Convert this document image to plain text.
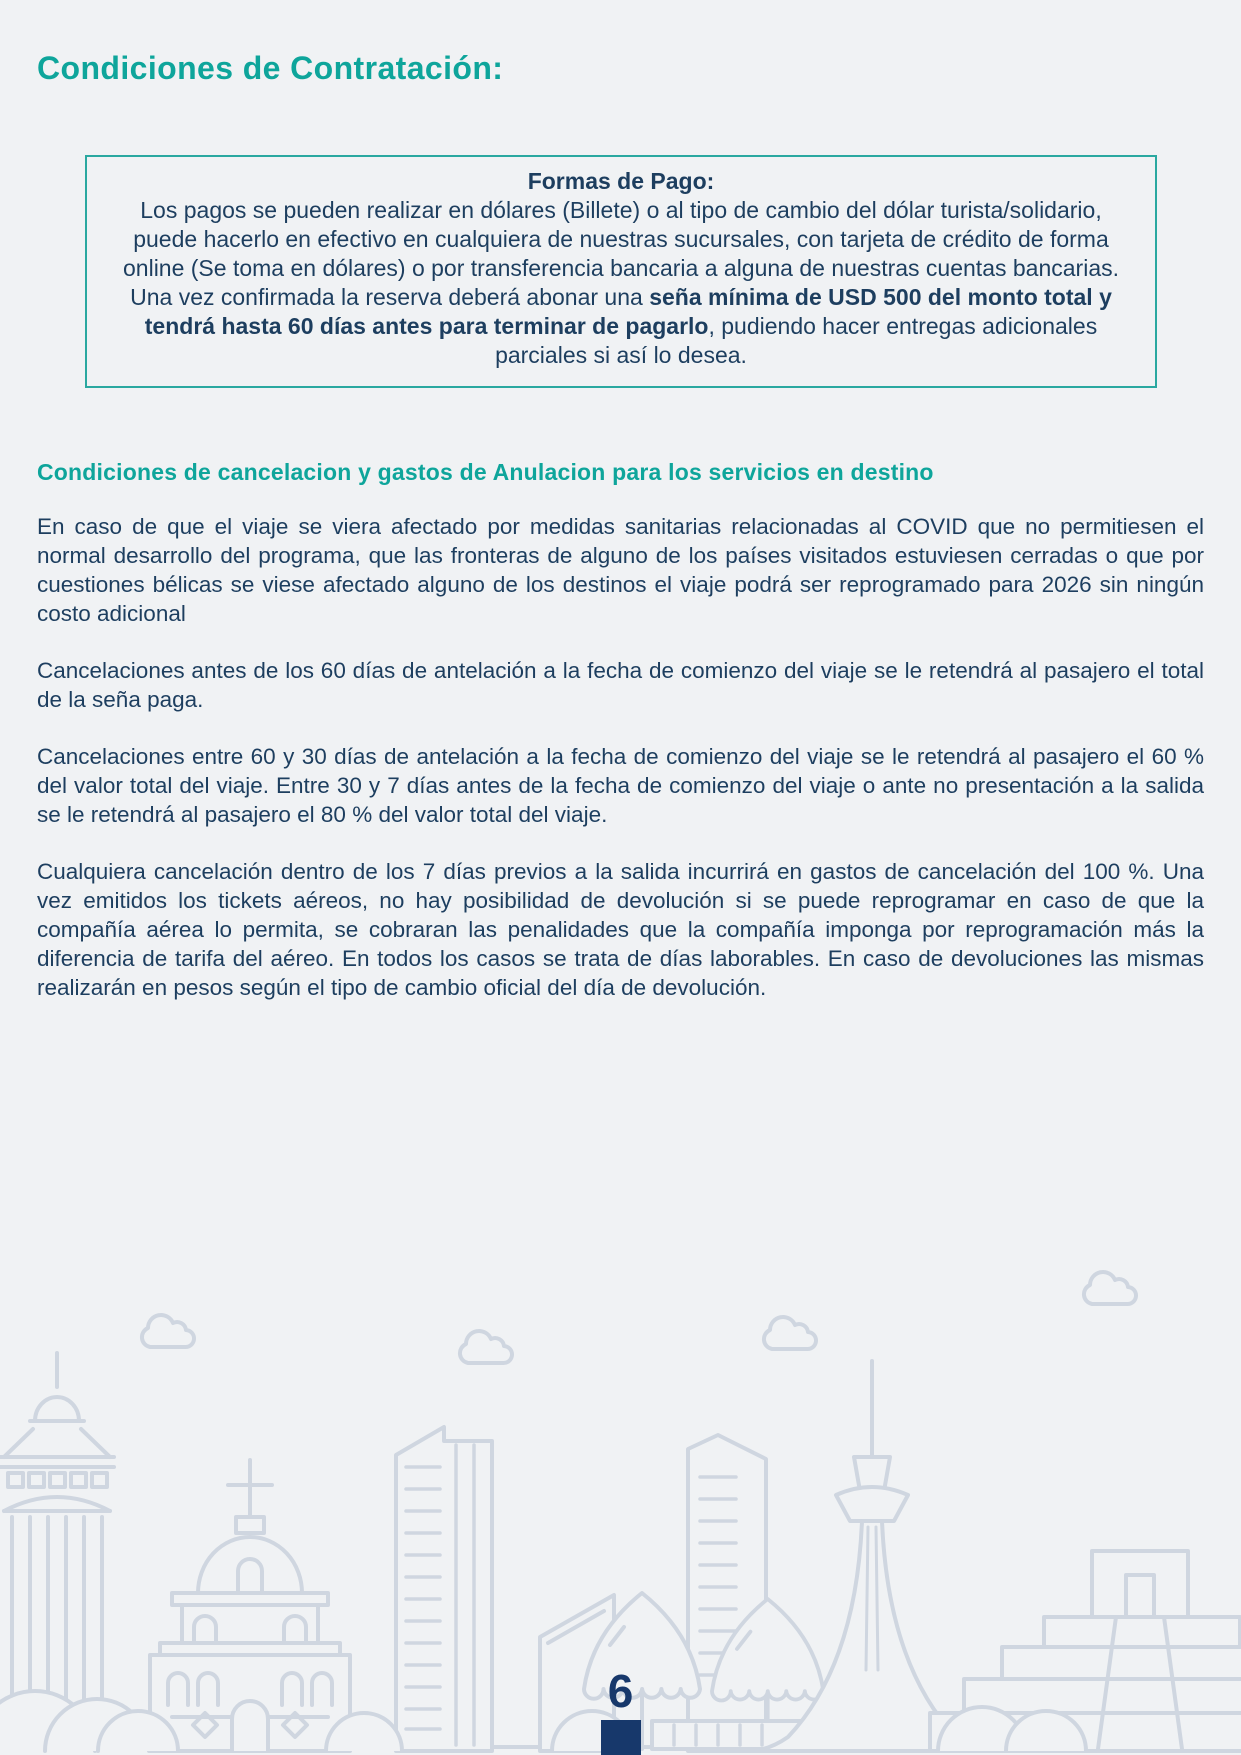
Condiciones de Contratación:
Formas de Pago:

Los pagos se pueden realizar en dólares (Billete) o al tipo de cambio del dólar turista/solidario, puede hacerlo en efectivo en cualquiera de nuestras sucursales, con tarjeta de crédito de forma online (Se toma en dólares) o por transferencia bancaria a alguna de nuestras cuentas bancarias. Una vez confirmada la reserva deberá abonar una seña mínima de USD 500 del monto total y tendrá hasta 60 días antes para terminar de pagarlo, pudiendo hacer entregas adicionales parciales si así lo desea.

Condiciones de cancelacion y gastos de Anulacion para los servicios en destino

En caso de que el viaje se viera afectado por medidas sanitarias relacionadas al COVID que no permitiesen el normal desarrollo del programa, que las fronteras de alguno de los países visitados estuviesen cerradas o que por cuestiones bélicas se viese afectado alguno de los destinos el viaje podrá ser reprogramado para 2026 sin ningún costo adicional

Cancelaciones antes de los 60 días de antelación a la fecha de comienzo del viaje se le retendrá al pasajero el total de la seña paga.

Cancelaciones entre 60 y 30 días de antelación a la fecha de comienzo del viaje se le retendrá al pasajero el 60 % del valor total del viaje. Entre 30 y 7 días antes de la fecha de comienzo del viaje o ante no presentación a la salida se le retendrá al pasajero el 80 % del valor total del viaje.

Cualquiera cancelación dentro de los 7 días previos a la salida incurrirá en gastos de cancelación del 100 %. Una vez emitidos los tickets aéreos, no hay posibilidad de devolución si se puede reprogramar en caso de que la compañía aérea lo permita, se cobraran las penalidades que la compañía imponga por reprogramación más la diferencia de tarifa del aéreo. En todos los casos se trata de días laborables. En caso de devoluciones las mismas realizarán en pesos según el tipo de cambio oficial del día de devolución.

6
